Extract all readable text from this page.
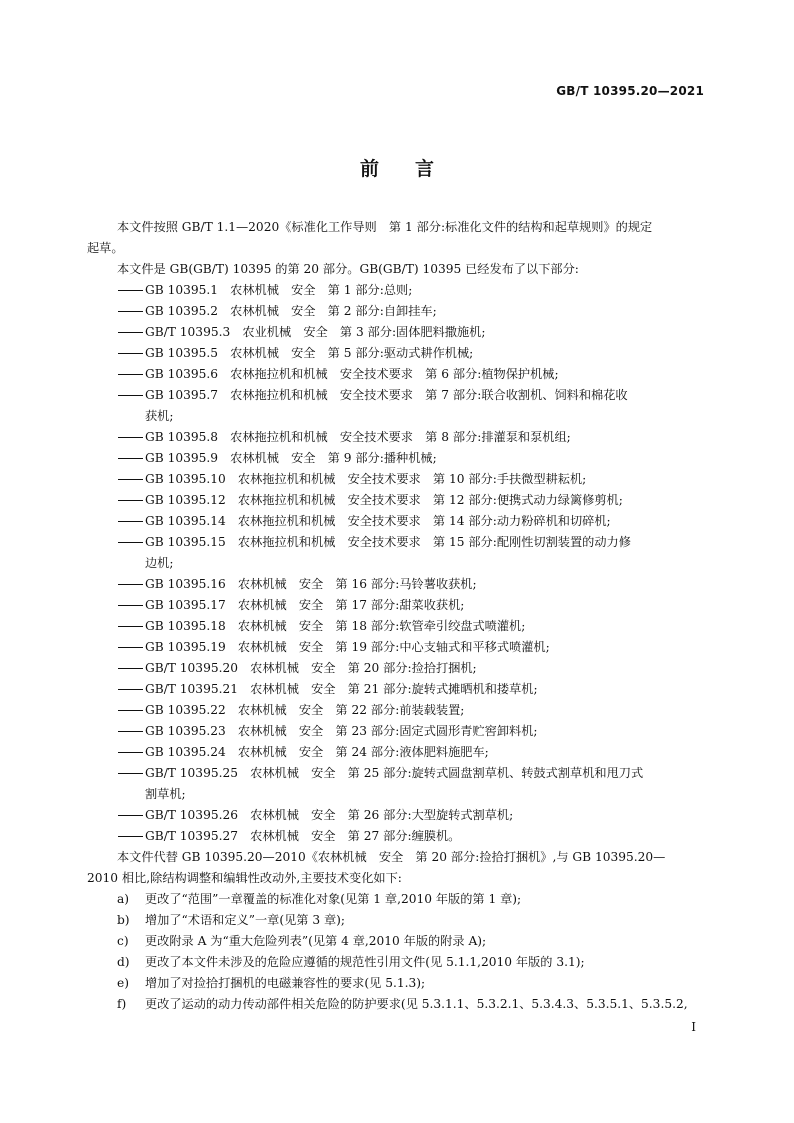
GB/T 10395.20—2021
前 言

本文件按照 GB/T 1.1—2020《标准化工作导则　第 1 部分:标准化文件的结构和起草规则》的规定
起草。

本文件是 GB(GB/T) 10395 的第 20 部分。GB(GB/T) 10395 已经发布了以下部分:

GB 10395.1　农林机械　安全　第 1 部分:总则;
GB 10395.2　农林机械　安全　第 2 部分:自卸挂车;
GB/T 10395.3　农业机械　安全　第 3 部分:固体肥料撒施机;
GB 10395.5　农林机械　安全　第 5 部分:驱动式耕作机械;
GB 10395.6　农林拖拉机和机械　安全技术要求　第 6 部分:植物保护机械;
GB 10395.7　农林拖拉机和机械　安全技术要求　第 7 部分:联合收割机、饲料和棉花收
获机;
GB 10395.8　农林拖拉机和机械　安全技术要求　第 8 部分:排灌泵和泵机组;
GB 10395.9　农林机械　安全　第 9 部分:播种机械;
GB 10395.10　农林拖拉机和机械　安全技术要求　第 10 部分:手扶微型耕耘机;
GB 10395.12　农林拖拉机和机械　安全技术要求　第 12 部分:便携式动力绿篱修剪机;
GB 10395.14　农林拖拉机和机械　安全技术要求　第 14 部分:动力粉碎机和切碎机;
GB 10395.15　农林拖拉机和机械　安全技术要求　第 15 部分:配刚性切割装置的动力修
边机;
GB 10395.16　农林机械　安全　第 16 部分:马铃薯收获机;
GB 10395.17　农林机械　安全　第 17 部分:甜菜收获机;
GB 10395.18　农林机械　安全　第 18 部分:软管牵引绞盘式喷灌机;
GB 10395.19　农林机械　安全　第 19 部分:中心支轴式和平移式喷灌机;
GB/T 10395.20　农林机械　安全　第 20 部分:捡拾打捆机;
GB/T 10395.21　农林机械　安全　第 21 部分:旋转式摊晒机和搂草机;
GB 10395.22　农林机械　安全　第 22 部分:前装载装置;
GB 10395.23　农林机械　安全　第 23 部分:固定式圆形青贮窖卸料机;
GB 10395.24　农林机械　安全　第 24 部分:液体肥料施肥车;
GB/T 10395.25　农林机械　安全　第 25 部分:旋转式圆盘割草机、转鼓式割草机和甩刀式
割草机;
GB/T 10395.26　农林机械　安全　第 26 部分:大型旋转式割草机;
GB/T 10395.27　农林机械　安全　第 27 部分:缠膜机。

本文件代替 GB 10395.20—2010《农林机械　安全　第 20 部分:捡拾打捆机》,与 GB 10395.20—
2010 相比,除结构调整和编辑性改动外,主要技术变化如下:

a) 更改了“范围”一章覆盖的标准化对象(见第 1 章,2010 年版的第 1 章);
b) 增加了“术语和定义”一章(见第 3 章);
c) 更改附录 A 为“重大危险列表”(见第 4 章,2010 年版的附录 A);
d) 更改了本文件未涉及的危险应遵循的规范性引用文件(见 5.1.1,2010 年版的 3.1);
e) 增加了对捡拾打捆机的电磁兼容性的要求(见 5.1.3);
f) 更改了运动的动力传动部件相关危险的防护要求(见 5.3.1.1、5.3.2.1、5.3.4.3、5.3.5.1、5.3.5.2,
I
